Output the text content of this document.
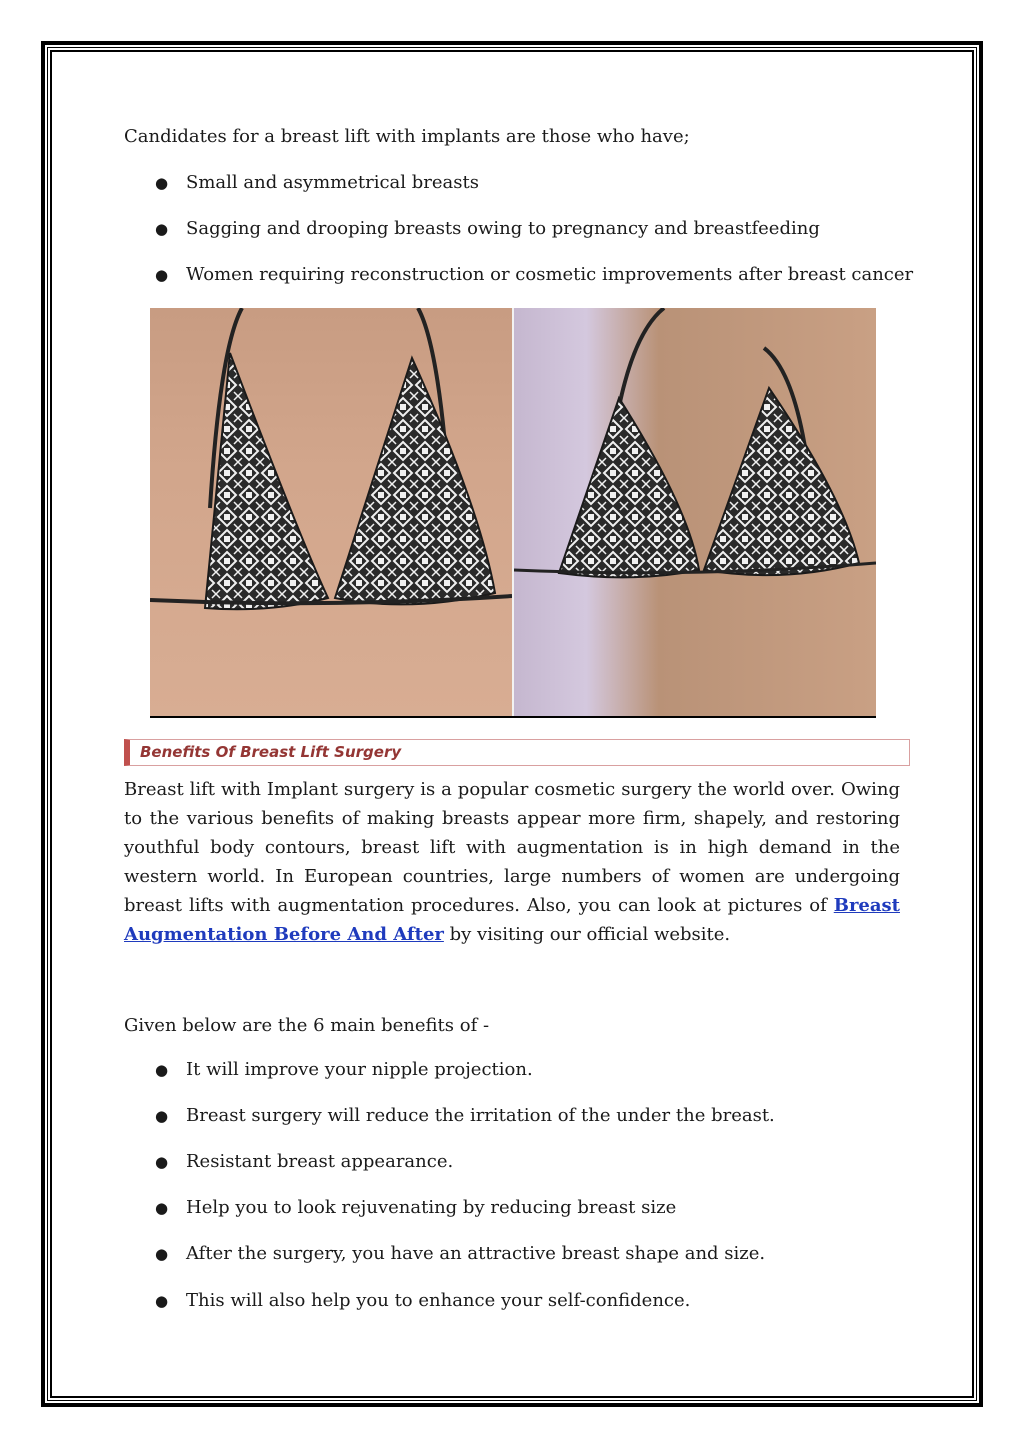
Candidates for a breast lift with implants are those who have;
● Small and asymmetrical breasts
● Sagging and drooping breasts owing to pregnancy and breastfeeding
● Women requiring reconstruction or cosmetic improvements after breast cancer
Benefits Of Breast Lift Surgery
Breast lift with Implant surgery is a popular cosmetic surgery the world over. Owing to the various benefits of making breasts appear more firm, shapely, and restoring youthful body contours, breast lift with augmentation is in high demand in the western world. In European countries, large numbers of women are undergoing breast lifts with augmentation procedures. Also, you can look at pictures of Breast Augmentation Before And After by visiting our official website.
Given below are the 6 main benefits of -
● It will improve your nipple projection.
● Breast surgery will reduce the irritation of the under the breast.
● Resistant breast appearance.
● Help you to look rejuvenating by reducing breast size
● After the surgery, you have an attractive breast shape and size.
● This will also help you to enhance your self-confidence.
